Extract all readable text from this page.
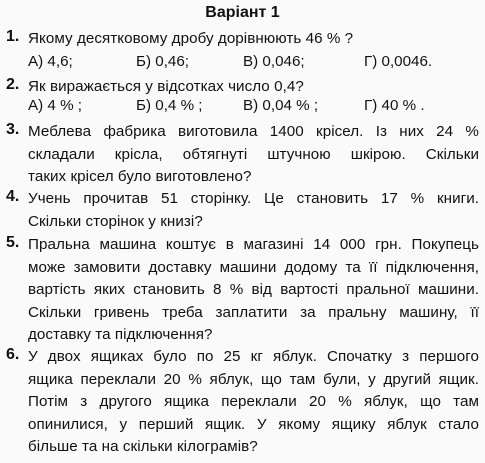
Варіант 1
1. Якому десятковому дробу дорівнюють 46 % ?
А) 4,6;	Б) 0,46;	В) 0,046;	Г) 0,0046.
2. Як виражається у відсотках число 0,4?
А) 4 % ;	Б) 0,4 % ;	В) 0,04 % ;	Г) 40 % .
3. Меблева фабрика виготовила 1400 крісел. Із них 24 %
складали крісла, обтягнуті штучною шкірою. Скільки
таких крісел було виготовлено?
4. Учень прочитав 51 сторінку. Це становить 17 % книги.
Скільки сторінок у книзі?
5. Пральна машина коштує в магазині 14 000 грн. Покупець
може замовити доставку машини додому та її підключення,
вартість яких становить 8 % від вартості пральної машини.
Скільки гривень треба заплатити за пральну машину, її
доставку та підключення?
6. У двох ящиках було по 25 кг яблук. Спочатку з першого
ящика переклали 20 % яблук, що там були, у другий ящик.
Потім з другого ящика переклали 20 % яблук, що там
опинилися, у перший ящик. У якому ящику яблук стало
більше та на скільки кілограмів?
